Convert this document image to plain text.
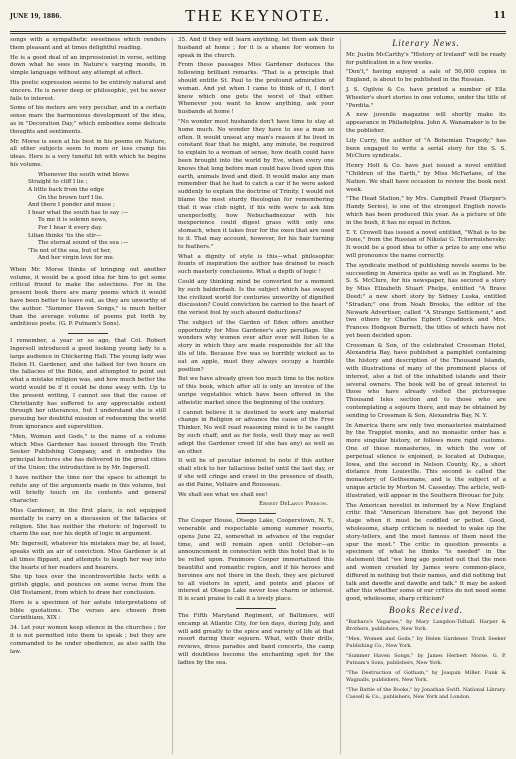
JUNE 19, 1886.	THE KEYNOTE.	11

songs with a sympathetic sweetness which renders them pleasant and at times delightful reading.

He is a good deal of an impressionist in verse, setting down what he sees in Nature's varying moods, in simple language without any attempt at effect.

His poetic expression seems to be entirely natural and sincere. He is never deep or philosophic, yet he never fails to interest.

Some of his meters are very peculiar, and in a certain sense mars the harmonious development of the idea, as in "Decoration Day," which embodies some delicate thoughts and sentiments.

Mr. Morse is seen at his best in his poems on Nature, all other subjects seem to more or less cramp his ideas. Here is a very tuneful bit with which he begins his volume.

Whenever the south wind blows
Straight to cliff I lie ;
A little back from the edge
On the brown turf I lie.
And there I ponder and muse ;
I hear what the south has to say :—
To me it is solemn news,
For I hear it every day.
Lilian thinks 'tis the stir—
The eternal sound of the sea :—
'Tis not of the sea, but of her,
And her virgin love for me.

When Mr. Morse thinks of bringing out another volume, it would be a good idea for him to get some critical friend to make the selections. For in the present book there are many poems which it would have been better to leave out, as they are unworthy of the author. "Summer Haven Songs," is much better than the average volume of poems put forth by ambitious poets. (G. P. Putnam's Sons).

I remember, a year or so ago, that Col. Robert Ingersoll introduced a good looking young lady to a large audience in Chickering Hall. The young lady was Helen H. Gardener, and she talked for two hours on the fallacies of the Bible, and attempted to point out what a mistake religion was, and how much better the world would be if it could be done away with. Up to the present writing, I cannot see that the cause of Christianity has suffered to any appreciable extent through her utterances, but I understand she is still pursuing her doubtful mission of redeeming the world from ignorance and superstition.

"Men, Women and Gods," is the name of a volume which Miss Gardener has issued through the Truth Seeker Publishing Company, and it embodies the principal lectures she has delivered in the great cities of the Union; the introduction is by Mr. Ingersoll.

I have neither the time nor the space to attempt to refute any of the arguments made in this volume, but will briefly touch on its contents and general character.

Miss Gardener, in the first place, is not equipped mentally to carry on a discussion of the fallacies of religion. She has neither the rhetoric of Ingersoll to charm the ear, nor his depth of logic in argument.

Mr. Ingersoll, whatever his mistakes may be, at least, speaks with an air of conviction. Miss Gardener is at all times flippant, and attempts to laugh her way into the hearts of her readers and hearers.

She tip toes over the incontrovertible facts with a girlish giggle, and pounces on some verse from the Old Testament, from which to draw her conclusion.

Here is a specimen of her astute interpretations of bible quotations. The verses are chosen from Corinthians, XIX :

34. Let your women keep silence in the churches ; for it is not permitted into them to speak ; but they are commanded to be under obedience, as also saith the law.

35. And if they will learn anything, let them ask their husband at home ; for it is a shame for women to speak in the church.

From these passages Miss Gardener deduces the following brilliant remarks. "That is a principle that should entitle St. Paul to the profound admiration of woman. And yet when I came to think of it, I don't know which one gets the worst of that either. Whenever you want to know anything, ask your husbands at home !

"No wonder most husbands don't have time to stay at home much. No wonder they have to see a man so often. It would unseat any man's reason if he lived in constant fear that he might, any minute, be required to explain to a woman of sense, how death could have been brought into the world by Eve, when every one knows that long before man could have lived upon this earth, animals lived and died. It would make any man remember that he had to catch a car if he were asked suddenly to explain the doctrine of Trinity. I would not blame the most sturdy theologian for remembering that it was club night, if his wife were to ask him unexpectedly, how Nebuchadnezzar with his inexperience could digest grass with only one stomach, when it takes four for the oxen that are used to it. That may account, however, for his hair turning to feathers."

What a dignity of style is this—what philosophic founts of inspiration the author has drained to reach such masterly conclusions. What a depth of logic !

Could any thinking mind be converted for a moment by such balderdash. Is the subject which has swayed the civilized world for centuries unworthy of dignified discussion? Could conviction be carried to the heart of the veriest fool by such absurd deductions?

The subject of the Garden of Eden offers another opportunity for Miss Gardener's airy persiflage. She wonders why women ever after ever will listen to a story in which they are made responsible for all the ills of life. Because Eve was so horribly wicked as to eat an apple, must they always occupy a humble position?

But we have already given too much time to the notice of this book, which after all is only an invoice of the unripe vegetables which have been offered in the atheistic market since the beginning of the century.

I cannot believe it is destined to work any material change in Religion or advance the cause of the Free Thinker. No well read reasoning mind is to be caught by such chaff, and as for fools, well they may as well adopt the Gardener creed (if she has any) as well as an other.

It will be of peculiar interest to note if this author shall stick to her fallacious belief until the last day, or if she will cringe and crawl in the presence of death, as did Paine, Voltaire and Rousseau.

We shall see what we shall see!

Ernest DeLancy Pierson.

The Cooper House, Otsego Lake, Cooperstown, N. Y., venerable and respectable among summer resorts, opens June 22, somewhat in advance of the regular time, and will remain open until October—an announcement in connection with this hotel that is to be relied upon. Fenimore Cooper immortalized this beautiful and romantic region, and if his heroes and heroines are not there in the flesh, they are pictured to all visitors in spirit, and points and places of interest at Otsego Lake never lose charm or interest. It is scant praise to call it a lovely place.

The Fifth Maryland Regiment, of Baltimore, will encamp at Atlantic City, for ten days, during July, and will add greatly to the spice and variety of life at that resort during their sojourn. What, with their drills, reviews, dress parades and band concerts, the camp will doubtless become the enchanting spot for the ladies by the sea.

Literary News.

Mr. Justin McCarthy's "History of Ireland" will be ready for publication in a few weeks.

"Don't," having enjoyed a sale of 50,000 copies in England, is about to be published in the Russian.

J. S. Ogilvie & Co. have printed a number of Ella Wheeler's short stories in one volume, under the title of "Perdita."

A new juvenile magazine will shortly make its appearance in Philadelphia. John A. Wanamaker is to be the publisher.

Lily Curry, the author of "A Bohemian Tragedy," has been engaged to write a serial story for the S. S. McClure syndicate.

Henry Holt & Co. have just issued a novel entitled "Children of the Earth," by Miss McFarlane, of the Nation. We shall have occasion to review the book next week.

"The Head Station," by Mrs. Campbell Praed (Harper's Handy Series), is one of the strongest English novels which has been produced this year. As a picture of life in the bush, it has no equal in fiction.

T. Y. Crowell has issued a novel entitled, "What is to be Done," from the Russian of Nikolai G. Tchernuishevsky. It would be a good idea to offer a prize to any one who will pronounce the name correctly.

The syndicate method of publishing novels seems to be succeeding in America quite as well as in England. Mr. S. S. McClure, for his newspaper, has secured a story by Miss Elizabeth Stuart Phelps, entitled "A Brave Deed;" a new short story by Sidney Luska, entitled "Stradan;" one from Noah Brooks, the editor of the Newark Advertiser, called "A Strange Settlement," and two others by Charles Egbert Craddock and Mrs. Frances Hodgson Burnett, the titles of which have not yet been decided upon.

Crossman & Son, of the celebrated Crossman Hotel, Alexandria Bay, have published a pamphlet containing the history and description of the Thousand Islands, with illustrations of many of the prominent places of interest, also a list of the inhabited islands and their several owners. The book will be of great interest to those who have already visited the picturesque Thousand Isles section and to those who are contemplating a sojourn there, and may be obtained by sending to Crossman & Son, Alexandria Bay, N. Y.

In America there are only two monasteries maintained by the Trappist monks, and no monastic order has a more singular history, or follows more rigid customs. One of these monasteries, in which the vow of perpetual silence is enjoined, is located at Dubuque, Iowa, and the second in Nelson County, Ky., a short distance from Louisville. This second is called the monastery of Gethsemane, and is the subject of a unique article by Morton M. Casseday. The article, well-illustrated, will appear in the Southern Bivouac for July.

The American novelist in informed by a New England critic that "American literature has got beyond the stage when it must be coddled or petted. Good, wholesome, sharp criticism is needed to wake up the story-tellers, and the most famous of them need the spur the most." The critic in question presents a specimen of what he thinks "is needed" in the statement that "we long ago pointed out that the men and women created by James were common-place, differed in nothing but their names, and did nothing but talk and dawdle and dawdle and talk." It may be asked after this whether some of our critics do not need some good, wholesome, sharp criticism?

Books Received.

"Barbara's Vagaries," by Mary Langdon-Tidball. Harper & Brothers, publishers, New York.

"Men, Women and Gods," by Helen Gardener. Truth Seeker Publishing Co., New York.

"Summer Haven Songs," by James Herbert Morse. G. P. Putnam's Sons, publishers, New York.

"The Destruction of Gotham," by Joaquin Miller. Funk & Wagnalls, publishers, New York.

"The Battle of the Books," by Jonathan Swift. National Library. Cassell & Co., publishers, New York and London.
